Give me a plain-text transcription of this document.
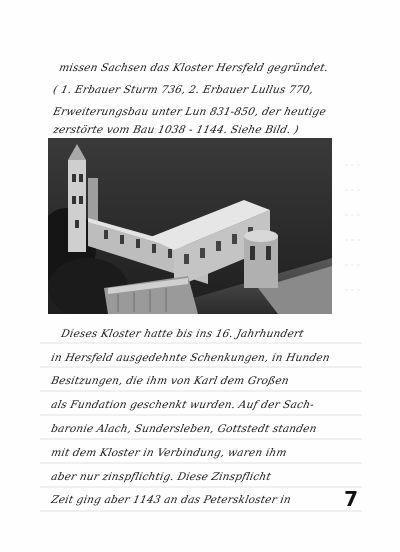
missen Sachsen das Kloster Hersfeld gegründet.
( 1. Erbauer Sturm 736, 2. Erbauer Lullus 770,
Erweiterungsbau unter Lun 831-850, der heutige
zerstörte vom Bau 1038 - 1144. Siehe Bild. )
Dieses Kloster hatte bis ins 16. Jahrhundert
in Hersfeld ausgedehnte Schenkungen, in Hunden
Besitzungen, die ihm von Karl dem Großen
als Fundation geschenkt wurden. Auf der Sach-
baronie Alach, Sundersleben, Gottstedt standen
mit dem Kloster in Verbindung, waren ihm
aber nur zinspflichtig. Diese Zinspflicht
Zeit ging aber 1143 an das Peterskloster in	7
